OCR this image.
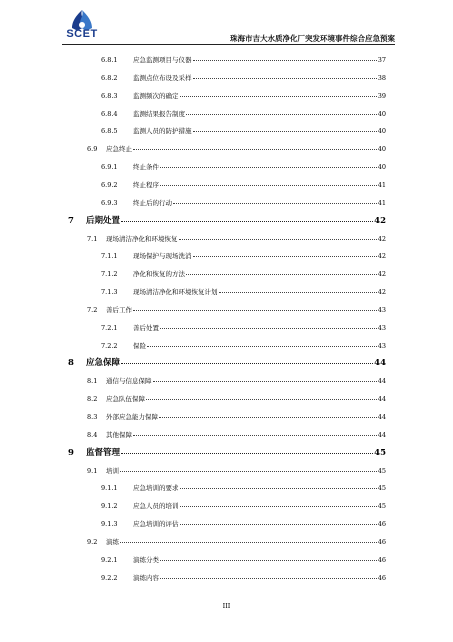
SCET	珠海市吉大水质净化厂突发环境事件综合应急预案
6.8.1	应急监测项目与仪器	37
6.8.2	监测点位布设及采样	38
6.8.3	监测频次的确定	39
6.8.4	监测结果报告制度	40
6.8.5	监测人员的防护措施	40
6.9	应急终止	40
6.9.1	终止条件	40
6.9.2	终止程序	41
6.9.3	终止后的行动	41
7	后期处置	42
7.1	现场清洁净化和环境恢复	42
7.1.1	现场保护与现场洗消	42
7.1.2	净化和恢复的方法	42
7.1.3	现场清洁净化和环境恢复计划	42
7.2	善后工作	43
7.2.1	善后处置	43
7.2.2	保险	43
8	应急保障	44
8.1	通信与信息保障	44
8.2	应急队伍保障	44
8.3	外部应急能力保障	44
8.4	其他保障	44
9	监督管理	45
9.1	培训	45
9.1.1	应急培训的要求	45
9.1.2	应急人员的培训	45
9.1.3	应急培训的评估	46
9.2	演练	46
9.2.1	演练分类	46
9.2.2	演练内容	46
III
